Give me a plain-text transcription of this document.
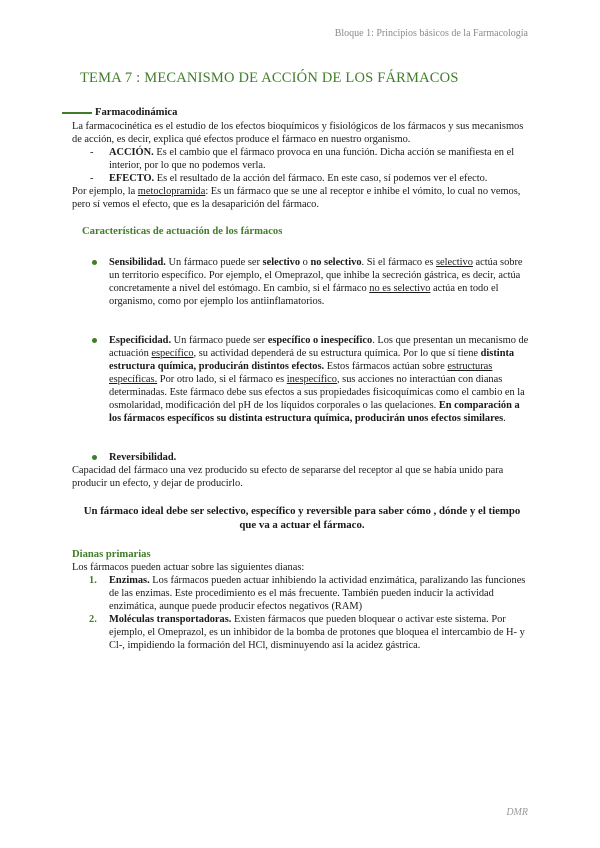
Bloque 1: Principios básicos de la Farmacología
TEMA 7 : MECANISMO DE ACCIÓN DE LOS FÁRMACOS
Farmacodinámica

La farmacocinética es el estudio de los efectos bioquímicos y fisiológicos de los fármacos y sus mecanismos de acción, es decir, explica qué efectos produce el fármaco en nuestro organismo.

- ACCIÓN. Es el cambio que el fármaco provoca en una función. Dicha acción se manifiesta en el interior, por lo que no podemos verla.
- EFECTO. Es el resultado de la acción del fármaco. En este caso, sí podemos ver el efecto.

Por ejemplo, la metoclopramida: Es un fármaco que se une al receptor e inhibe el vómito, lo cual no vemos, pero sí vemos el efecto, que es la desaparición del fármaco.

Características de actuación de los fármacos

Sensibilidad. Un fármaco puede ser selectivo o no selectivo. Si el fármaco es selectivo actúa sobre un territorio específico. Por ejemplo, el Omeprazol, que inhibe la secreción gástrica, es decir, actúa concretamente a nivel del estómago. En cambio, si el fármaco no es selectivo actúa en todo el organismo, como por ejemplo los antiinflamatorios.
Especificidad. Un fármaco puede ser específico o inespecífico. Los que presentan un mecanismo de actuación específico, su actividad dependerá de su estructura química. Por lo que sí tiene distinta estructura química, producirán distintos efectos. Estos fármacos actúan sobre estructuras específicas. Por otro lado, si el fármaco es inespecífico, sus acciones no interactúan con dianas determinadas. Este fármaco debe sus efectos a sus propiedades fisicoquímicas como el cambio en la osmolaridad, modificación del pH de los líquidos corporales o las quelaciones. En comparación a los fármacos específicos su distinta estructura química, producirán unos efectos similares.
Reversibilidad.

Capacidad del fármaco una vez producido su efecto de separarse del receptor al que se había unido para producir un efecto, y dejar de producirlo.

Un fármaco ideal debe ser selectivo, específico y reversible para saber cómo , dónde y el tiempo que va a actuar el fármaco.

Dianas primarias

Los fármacos pueden actuar sobre las siguientes dianas:

1. Enzimas. Los fármacos pueden actuar inhibiendo la actividad enzimática, paralizando las funciones de las enzimas. Este procedimiento es el más frecuente. También pueden inducir la actividad enzimática, aunque puede producir efectos negativos (RAM)
2. Moléculas transportadoras. Existen fármacos que pueden bloquear o activar este sistema. Por ejemplo, el Omeprazol, es un inhibidor de la bomba de protones que bloquea el intercambio de H- y Cl-, impidiendo la formación del HCl, disminuyendo así la acidez gástrica.
DMR
